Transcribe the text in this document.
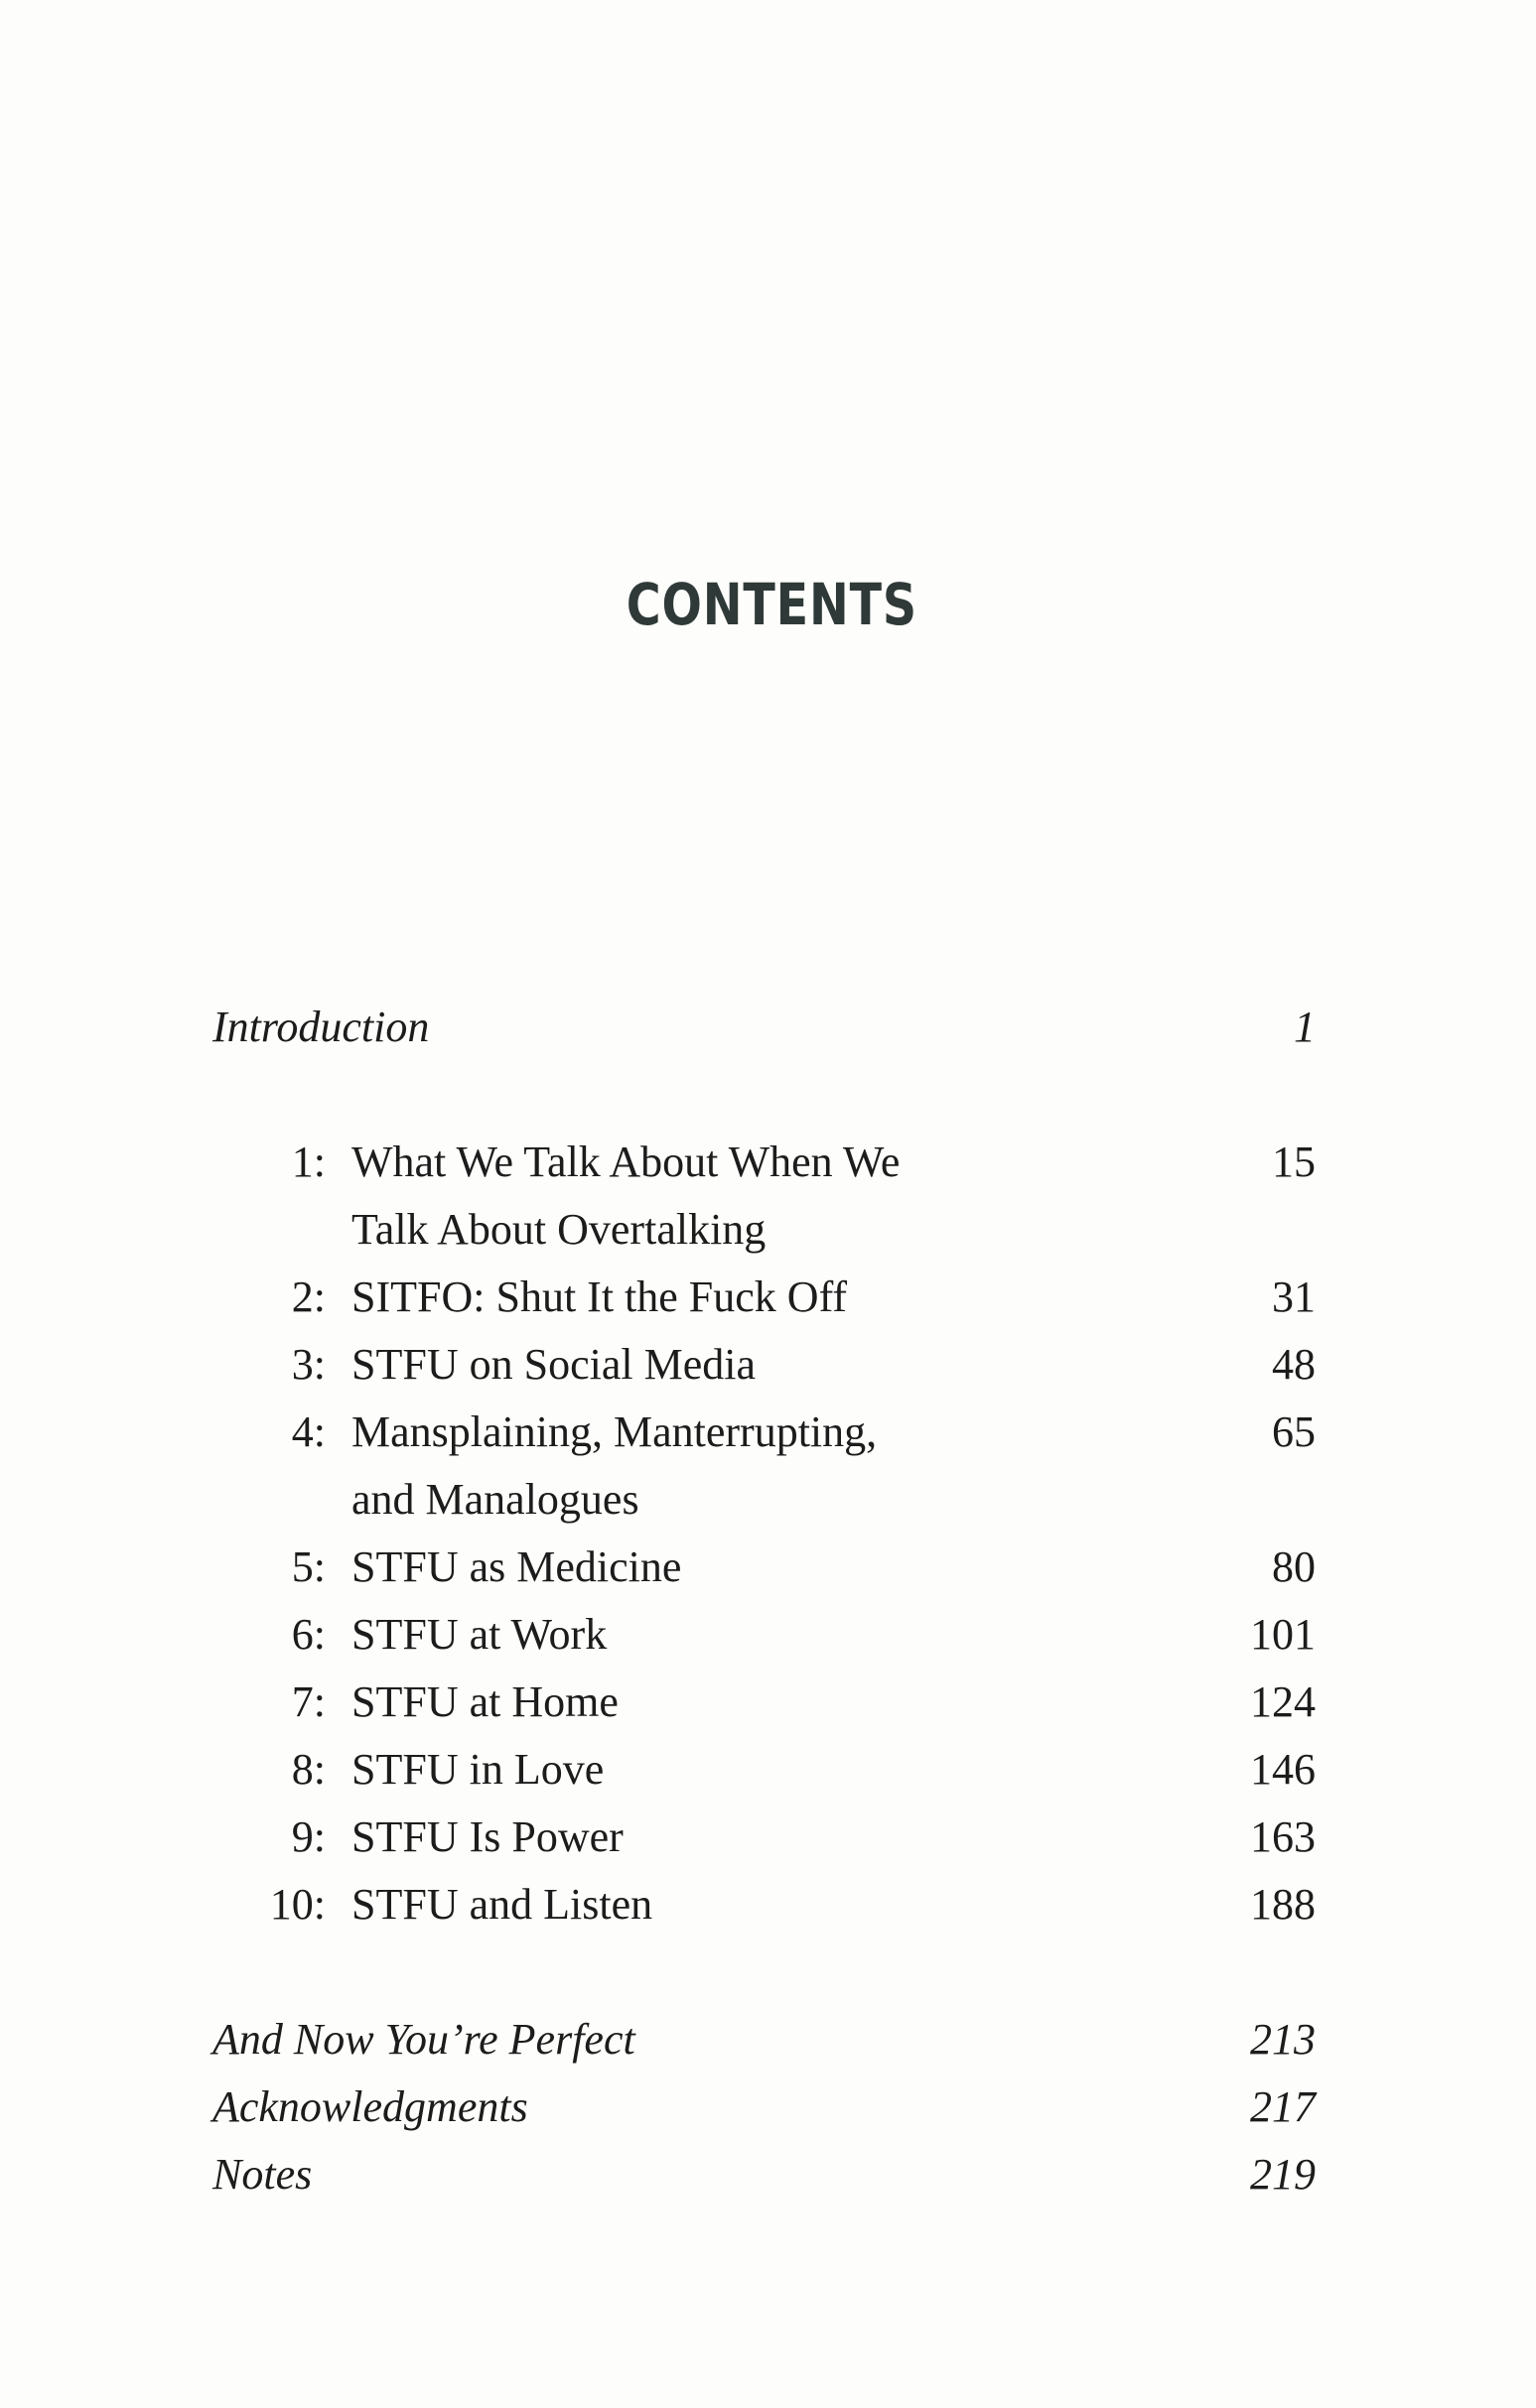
CONTENTS
Introduction	1
1: What We Talk About When We	15
Talk About Overtalking
2: SITFO: Shut It the Fuck Off	31
3: STFU on Social Media	48
4: Mansplaining, Manterrupting,	65
and Manalogues
5: STFU as Medicine	80
6: STFU at Work	101
7: STFU at Home	124
8: STFU in Love	146
9: STFU Is Power	163
10: STFU and Listen	188
And Now You’re Perfect	213
Acknowledgments	217
Notes	219
